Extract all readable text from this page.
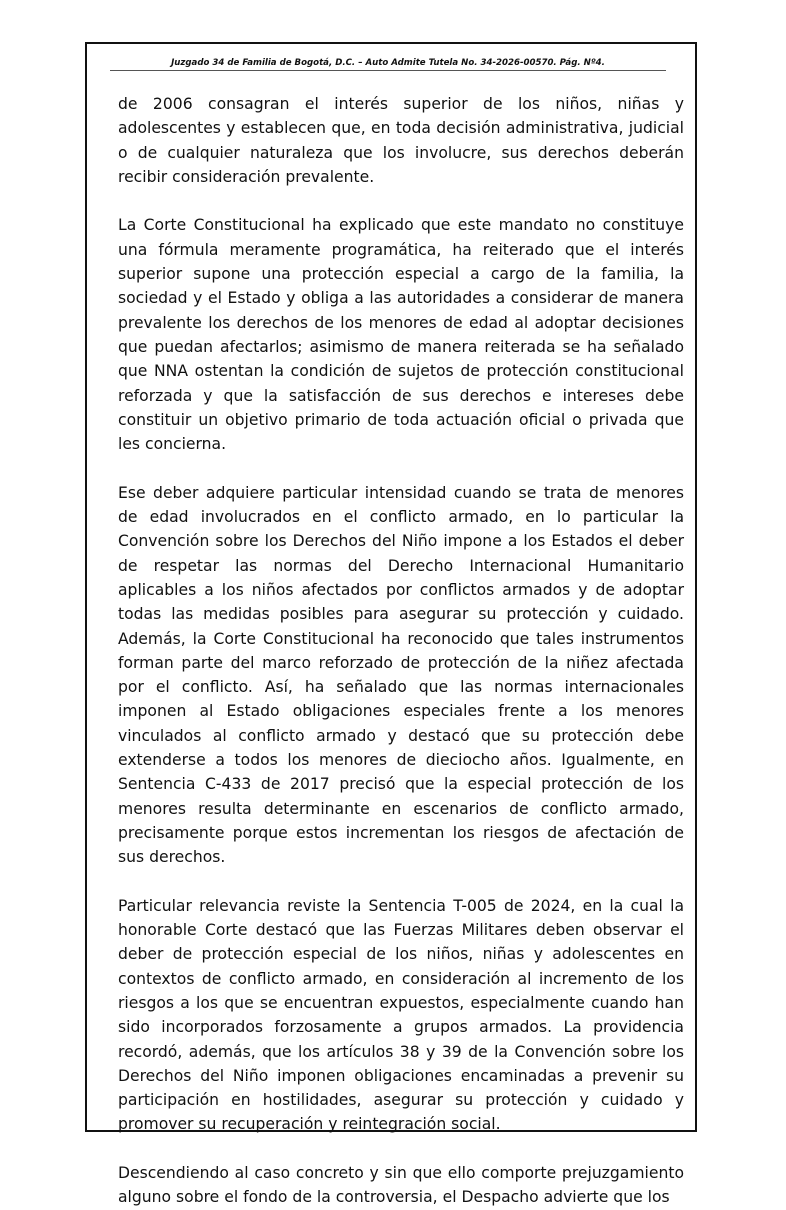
Juzgado 34 de Familia de Bogotá, D.C. – Auto Admite Tutela No. 34-2026-00570. Pág. Nº4.

de 2006 consagran el interés superior de los niños, niñas y adolescentes y establecen que, en toda decisión administrativa, judicial o de cualquier naturaleza que los involucre, sus derechos deberán recibir consideración prevalente.

La Corte Constitucional ha explicado que este mandato no constituye una fórmula meramente programática, ha reiterado que el interés superior supone una protección especial a cargo de la familia, la sociedad y el Estado y obliga a las autoridades a considerar de manera prevalente los derechos de los menores de edad al adoptar decisiones que puedan afectarlos; asimismo de manera reiterada se ha señalado que NNA ostentan la condición de sujetos de protección constitucional reforzada y que la satisfacción de sus derechos e intereses debe constituir un objetivo primario de toda actuación oficial o privada que les concierna.

Ese deber adquiere particular intensidad cuando se trata de menores de edad involucrados en el conflicto armado, en lo particular la Convención sobre los Derechos del Niño impone a los Estados el deber de respetar las normas del Derecho Internacional Humanitario aplicables a los niños afectados por conflictos armados y de adoptar todas las medidas posibles para asegurar su protección y cuidado. Además, la Corte Constitucional ha reconocido que tales instrumentos forman parte del marco reforzado de protección de la niñez afectada por el conflicto. Así, ha señalado que las normas internacionales imponen al Estado obligaciones especiales frente a los menores vinculados al conflicto armado y destacó que su protección debe extenderse a todos los menores de dieciocho años. Igualmente, en Sentencia C-433 de 2017 precisó que la especial protección de los menores resulta determinante en escenarios de conflicto armado, precisamente porque estos incrementan los riesgos de afectación de sus derechos.

Particular relevancia reviste la Sentencia T-005 de 2024, en la cual la honorable Corte destacó que las Fuerzas Militares deben observar el deber de protección especial de los niños, niñas y adolescentes en contextos de conflicto armado, en consideración al incremento de los riesgos a los que se encuentran expuestos, especialmente cuando han sido incorporados forzosamente a grupos armados. La providencia recordó, además, que los artículos 38 y 39 de la Convención sobre los Derechos del Niño imponen obligaciones encaminadas a prevenir su participación en hostilidades, asegurar su protección y cuidado y promover su recuperación y reintegración social.

Descendiendo al caso concreto y sin que ello comporte prejuzgamiento alguno sobre el fondo de la controversia, el Despacho advierte que los
